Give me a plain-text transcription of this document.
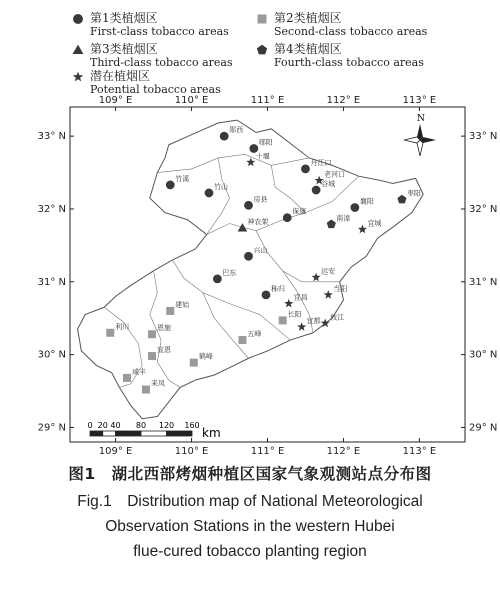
第1类植烟区
First-class tobacco areas
第2类植烟区
Second-class tobacco areas
第3类植烟区
Third-class tobacco areas
第4类植烟区
Fourth-class tobacco areas
潜在植烟区
Potential tobacco areas
郧西
郧阳
十堰
丹江口
老河口
竹溪
竹山
房县
谷城
保康
襄阳
南漳
宜城
枣阳
神农架
兴山
远安
巴东
秭归	当阳
宜昌
枝江
宜都
五峰
长阳
建始
恩施
利川
宣恩
鹤峰
咸丰
来凤
109° E
109° E
110° E
110° E
111° E
111° E
112° E
112° E
113° E
113° E
33° N	33° N
32° N	32° N
31° N	31° N
30° N	30° N
29° N	29° N
N
0 20 40 80 120 160
km
图1　湖北西部烤烟种植区国家气象观测站点分布图
Fig.1　Distribution map of National Meteorological
Observation Stations in the western Hubei
flue-cured tobacco planting region
